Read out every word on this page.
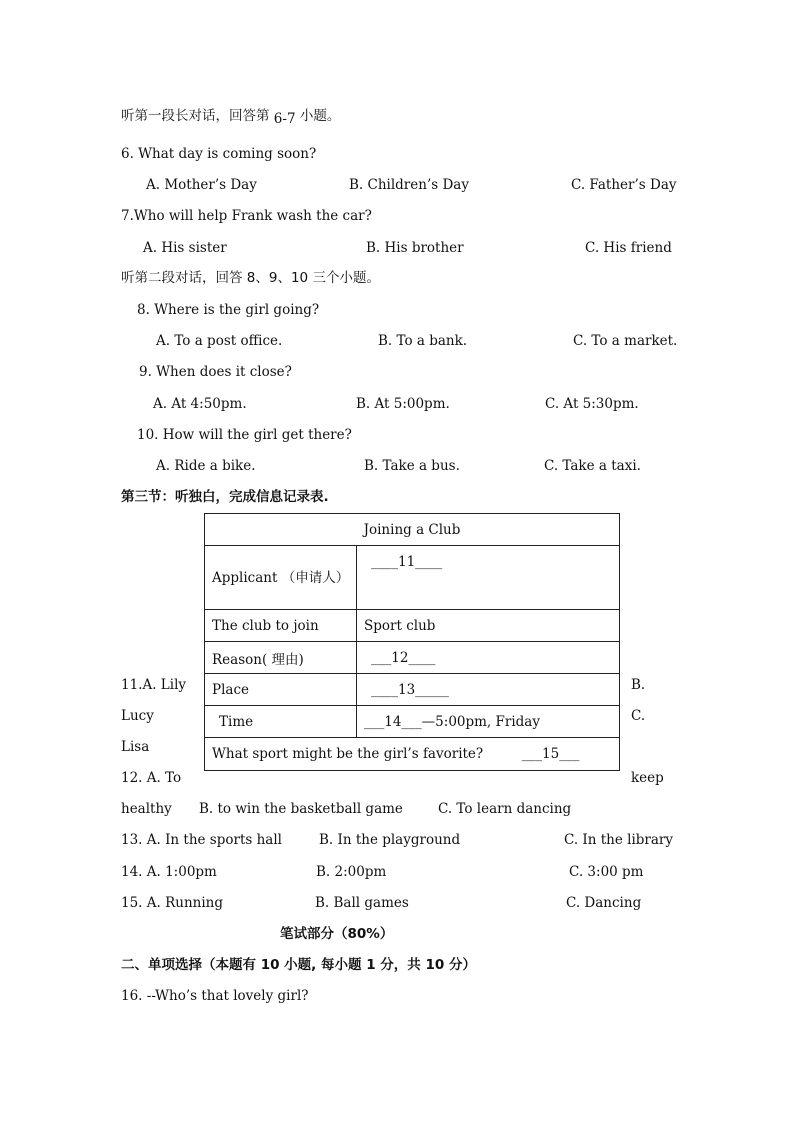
听第一段长对话，回答第 6-7 小题。
6. What day is coming soon?
A. Mother’s Day	B. Children’s Day	C. Father’s Day
7.Who will help Frank wash the car?
A. His sister	B. His brother	C. His friend
听第二段对话，回答 8、9、10 三个小题。
8. Where is the girl going?
A. To a post office.	B. To a bank.	C. To a market.
9. When does it close?
A. At 4:50pm.	B. At 5:00pm.	C. At 5:30pm.
10. How will the girl get there?
A. Ride a bike.	B. Take a bus.	C. Take a taxi.
第三节：听独白，完成信息记录表.
11.A. Lily	B.
Lucy	C.
Lisa
12. A. To	keep
healthy B. to win the basketball game	C. To learn dancing
Joining a Club	
Applicant （申请人）	____11____
The club to join	Sport club
Reason( 理由)	___12____
Place	____13_____
Time	___14___—5:00pm, Friday
What sport might be the girl’s favorite? ___15___	
13. A. In the sports hall	B. In the playground	C. In the library
14. A. 1:00pm	B. 2:00pm	C. 3:00 pm
15. A. Running	B. Ball games	C. Dancing
笔试部分（80%）
二、单项选择（本题有 10 小题, 每小题 1 分，共 10 分）
16. --Who’s that lovely girl?
